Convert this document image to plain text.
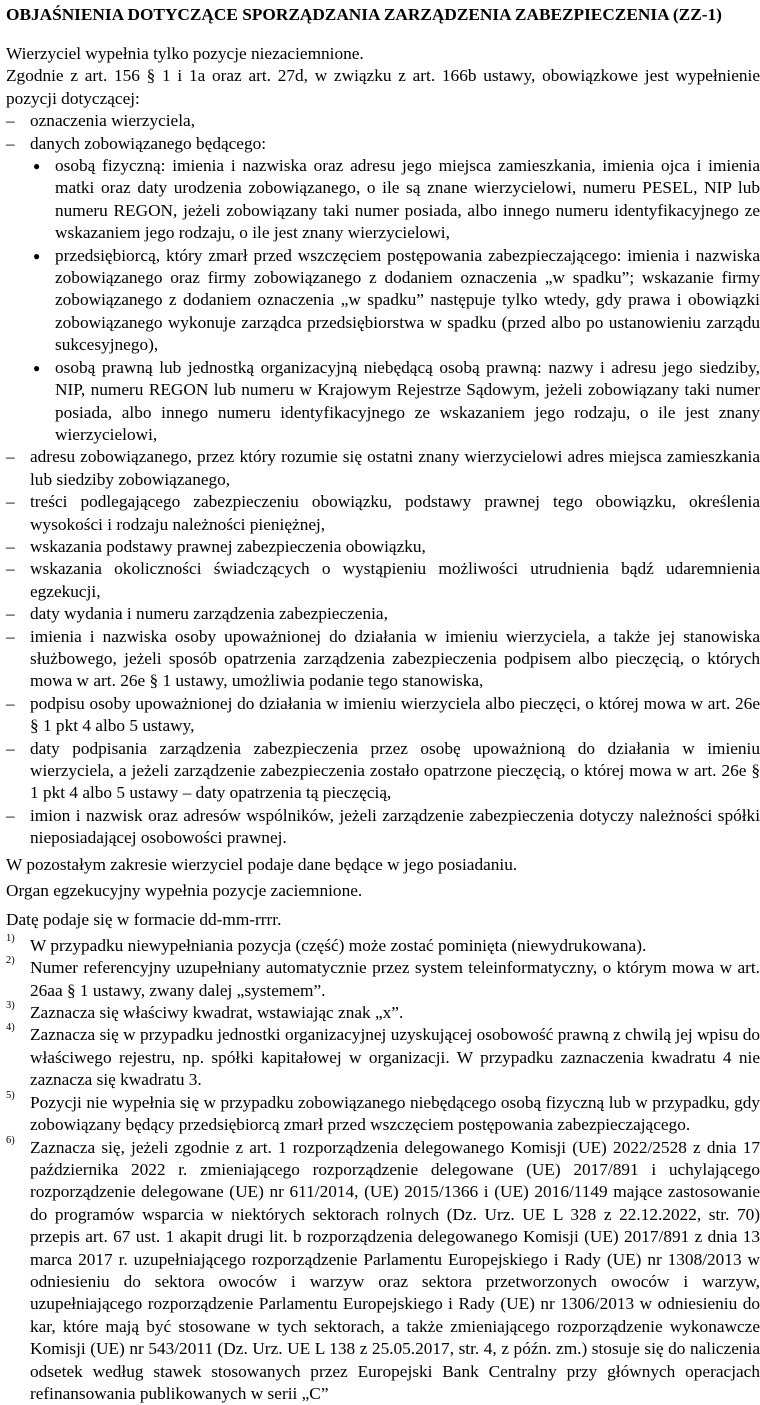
OBJAŚNIENIA DOTYCZĄCE SPORZĄDZANIA ZARZĄDZENIA ZABEZPIECZENIA (ZZ-1)

Wierzyciel wypełnia tylko pozycje niezaciemnione.

Zgodnie z art. 156 § 1 i 1a oraz art. 27d, w związku z art. 166b ustawy, obowiązkowe jest wypełnienie pozycji dotyczącej:

– oznaczenia wierzyciela,
– danych zobowiązanego będącego:
● osobą fizyczną: imienia i nazwiska oraz adresu jego miejsca zamieszkania, imienia ojca i imienia matki oraz daty urodzenia zobowiązanego, o ile są znane wierzycielowi, numeru PESEL, NIP lub numeru REGON, jeżeli zobowiązany taki numer posiada, albo innego numeru identyfikacyjnego ze wskazaniem jego rodzaju, o ile jest znany wierzycielowi,
● przedsiębiorcą, który zmarł przed wszczęciem postępowania zabezpieczającego: imienia i nazwiska zobowiązanego oraz firmy zobowiązanego z dodaniem oznaczenia „w spadku”; wskazanie firmy zobowiązanego z dodaniem oznaczenia „w spadku” następuje tylko wtedy, gdy prawa i obowiązki zobowiązanego wykonuje zarządca przedsiębiorstwa w spadku (przed albo po ustanowieniu zarządu sukcesyjnego),
● osobą prawną lub jednostką organizacyjną niebędącą osobą prawną: nazwy i adresu jego siedziby, NIP, numeru REGON lub numeru w Krajowym Rejestrze Sądowym, jeżeli zobowiązany taki numer posiada, albo innego numeru identyfikacyjnego ze wskazaniem jego rodzaju, o ile jest znany wierzycielowi,
– adresu zobowiązanego, przez który rozumie się ostatni znany wierzycielowi adres miejsca zamieszkania lub siedziby zobowiązanego,
– treści podlegającego zabezpieczeniu obowiązku, podstawy prawnej tego obowiązku, określenia wysokości i rodzaju należności pieniężnej,
– wskazania podstawy prawnej zabezpieczenia obowiązku,
– wskazania okoliczności świadczących o wystąpieniu możliwości utrudnienia bądź udaremnienia egzekucji,
– daty wydania i numeru zarządzenia zabezpieczenia,
– imienia i nazwiska osoby upoważnionej do działania w imieniu wierzyciela, a także jej stanowiska służbowego, jeżeli sposób opatrzenia zarządzenia zabezpieczenia podpisem albo pieczęcią, o których mowa w art. 26e § 1 ustawy, umożliwia podanie tego stanowiska,
– podpisu osoby upoważnionej do działania w imieniu wierzyciela albo pieczęci, o której mowa w art. 26e § 1 pkt 4 albo 5 ustawy,
– daty podpisania zarządzenia zabezpieczenia przez osobę upoważnioną do działania w imieniu wierzyciela, a jeżeli zarządzenie zabezpieczenia zostało opatrzone pieczęcią, o której mowa w art. 26e § 1 pkt 4 albo 5 ustawy – daty opatrzenia tą pieczęcią,
– imion i nazwisk oraz adresów wspólników, jeżeli zarządzenie zabezpieczenia dotyczy należności spółki nieposiadającej osobowości prawnej.

W pozostałym zakresie wierzyciel podaje dane będące w jego posiadaniu.

Organ egzekucyjny wypełnia pozycje zaciemnione.

Datę podaje się w formacie dd-mm-rrrr.

1) W przypadku niewypełniania pozycja (część) może zostać pominięta (niewydrukowana).
2) Numer referencyjny uzupełniany automatycznie przez system teleinformatyczny, o którym mowa w art. 26aa § 1 ustawy, zwany dalej „systemem”.
3) Zaznacza się właściwy kwadrat, wstawiając znak „x”.
4) Zaznacza się w przypadku jednostki organizacyjnej uzyskującej osobowość prawną z chwilą jej wpisu do właściwego rejestru, np. spółki kapitałowej w organizacji. W przypadku zaznaczenia kwadratu 4 nie zaznacza się kwadratu 3.
5) Pozycji nie wypełnia się w przypadku zobowiązanego niebędącego osobą fizyczną lub w przypadku, gdy zobowiązany będący przedsiębiorcą zmarł przed wszczęciem postępowania zabezpieczającego.
6) Zaznacza się, jeżeli zgodnie z art. 1 rozporządzenia delegowanego Komisji (UE) 2022/2528 z dnia 17 października 2022 r. zmieniającego rozporządzenie delegowane (UE) 2017/891 i uchylającego rozporządzenie delegowane (UE) nr 611/2014, (UE) 2015/1366 i (UE) 2016/1149 mające zastosowanie do programów wsparcia w niektórych sektorach rolnych (Dz. Urz. UE L 328 z 22.12.2022, str. 70) przepis art. 67 ust. 1 akapit drugi lit. b rozporządzenia delegowanego Komisji (UE) 2017/891 z dnia 13 marca 2017 r. uzupełniającego rozporządzenie Parlamentu Europejskiego i Rady (UE) nr 1308/2013 w odniesieniu do sektora owoców i warzyw oraz sektora przetworzonych owoców i warzyw, uzupełniającego rozporządzenie Parlamentu Europejskiego i Rady (UE) nr 1306/2013 w odniesieniu do kar, które mają być stosowane w tych sektorach, a także zmieniającego rozporządzenie wykonawcze Komisji (UE) nr 543/2011 (Dz. Urz. UE L 138 z 25.05.2017, str. 4, z późn. zm.) stosuje się do naliczenia odsetek według stawek stosowanych przez Europejski Bank Centralny przy głównych operacjach refinansowania publikowanych w serii „C”
